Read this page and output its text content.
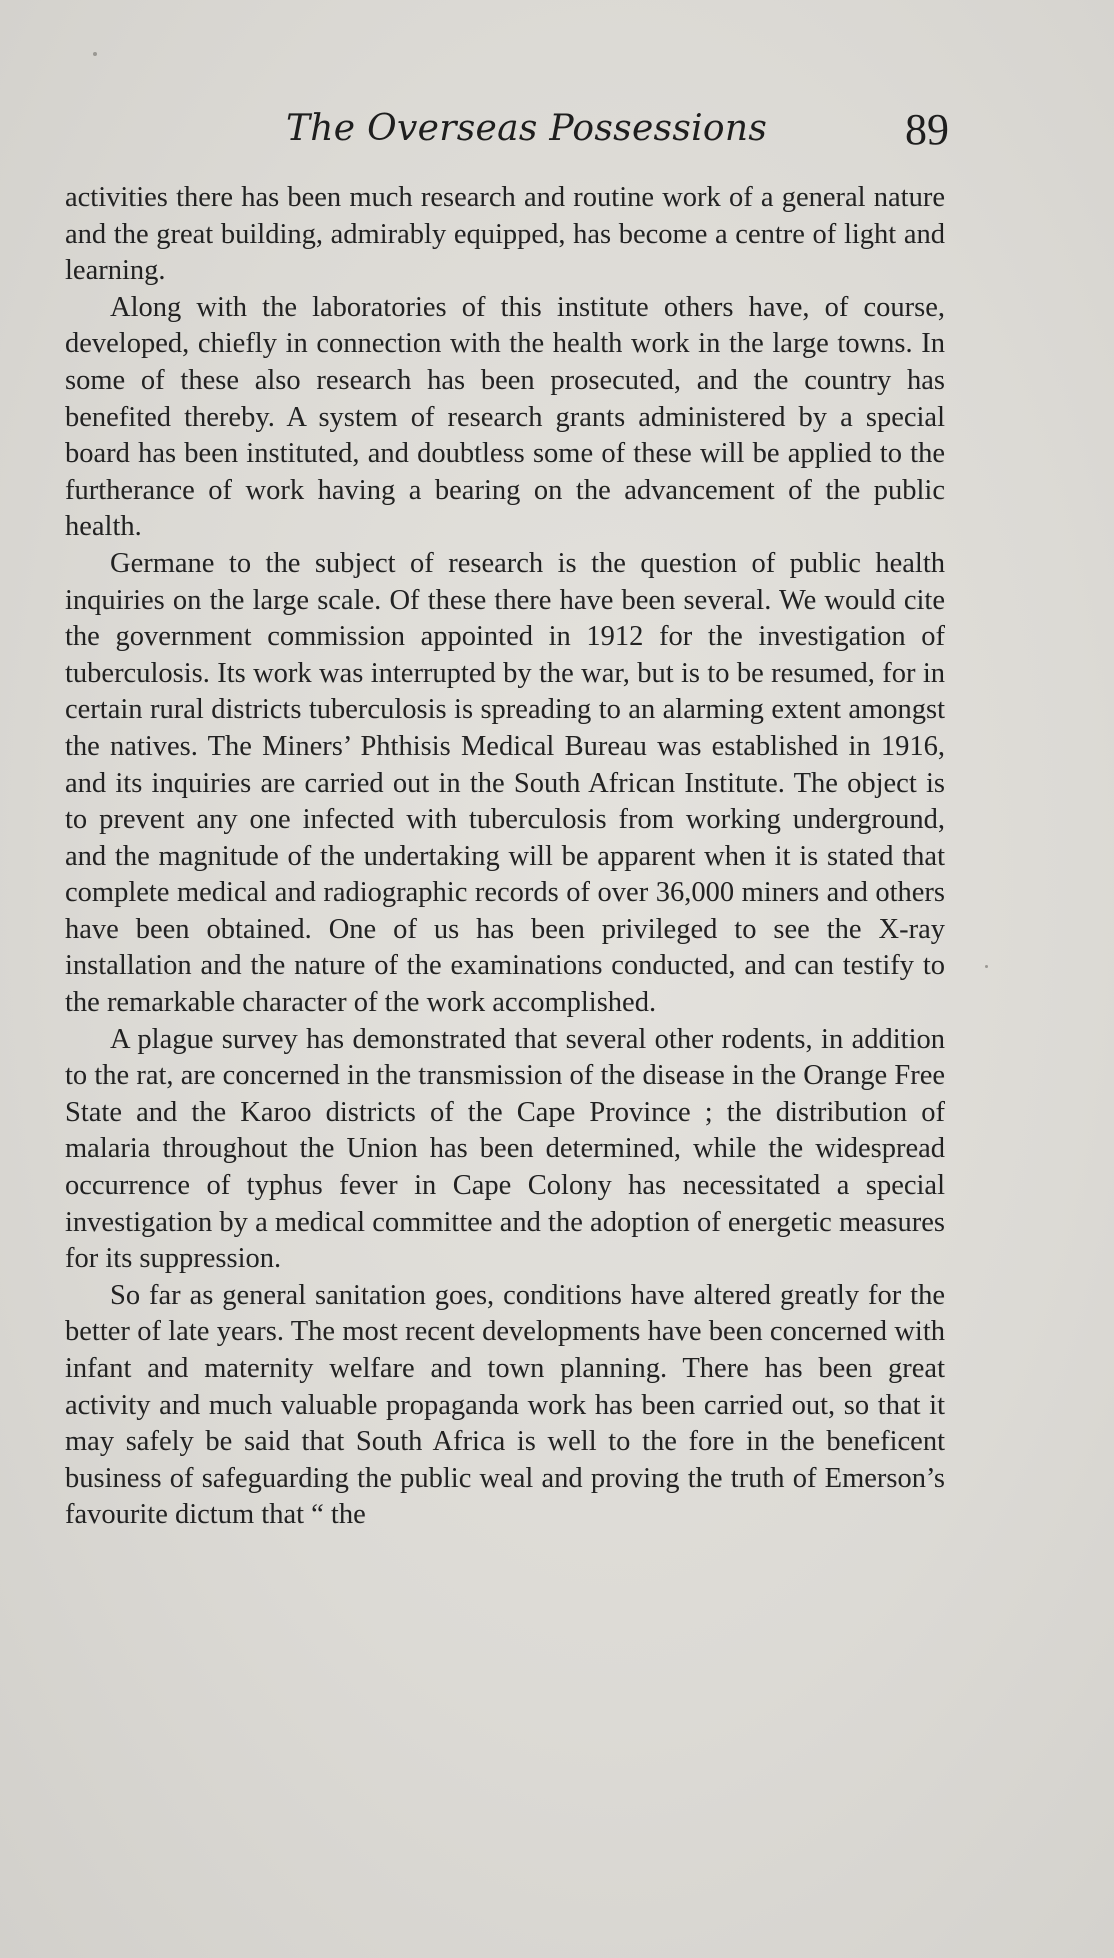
The Overseas Possessions	89

activities there has been much research and routine work of a general nature and the great building, admirably equipped, has become a centre of light and learning.

Along with the laboratories of this institute others have, of course, developed, chiefly in connection with the health work in the large towns. In some of these also research has been prosecuted, and the country has benefited thereby. A system of research grants administered by a special board has been instituted, and doubtless some of these will be applied to the furtherance of work having a bearing on the advancement of the public health.

Germane to the subject of research is the question of public health inquiries on the large scale. Of these there have been several. We would cite the government commission appointed in 1912 for the investigation of tuberculosis. Its work was interrupted by the war, but is to be resumed, for in certain rural districts tuberculosis is spreading to an alarming extent amongst the natives. The Miners’ Phthisis Medical Bureau was established in 1916, and its inquiries are carried out in the South African Institute. The object is to prevent any one infected with tuberculosis from working underground, and the magnitude of the undertaking will be apparent when it is stated that complete medical and radiographic records of over 36,000 miners and others have been obtained. One of us has been privileged to see the X-ray installation and the nature of the examinations conducted, and can testify to the remarkable character of the work accomplished.

A plague survey has demonstrated that several other rodents, in addition to the rat, are concerned in the transmission of the disease in the Orange Free State and the Karoo districts of the Cape Province ; the distribution of malaria throughout the Union has been determined, while the widespread occurrence of typhus fever in Cape Colony has necessitated a special investigation by a medical committee and the adoption of energetic measures for its suppression.

So far as general sanitation goes, conditions have altered greatly for the better of late years. The most recent developments have been concerned with infant and maternity welfare and town planning. There has been great activity and much valuable propaganda work has been carried out, so that it may safely be said that South Africa is well to the fore in the beneficent business of safeguarding the public weal and proving the truth of Emerson’s favourite dictum that “ the
